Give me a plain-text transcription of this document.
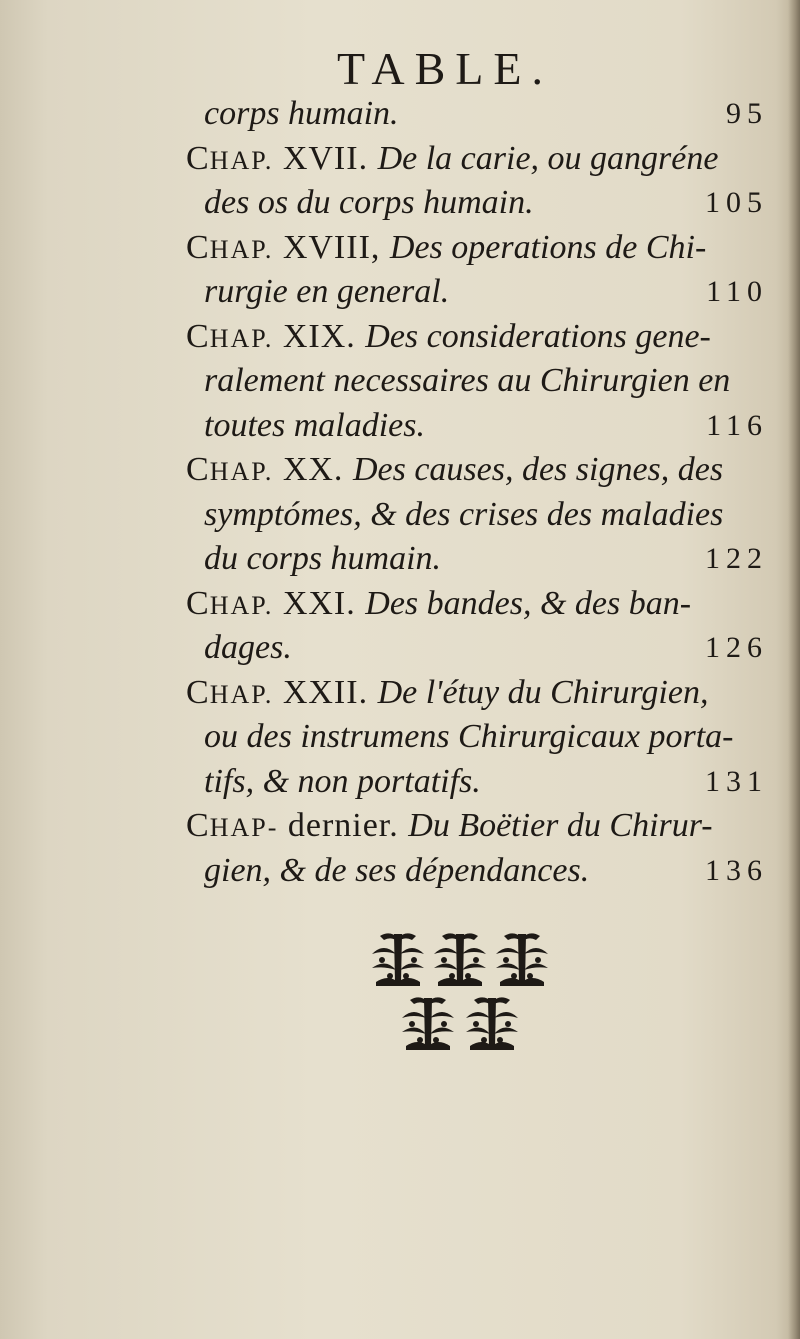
TABLE.
corps humain.	95
CHAP. XVII. De la carie, ou gangréne
des os du corps humain.	105
CHAP. XVIII, Des operations de Chi-
rurgie en general.	110
CHAP. XIX. Des considerations gene-
ralement necessaires au Chirurgien en
toutes maladies.	116
CHAP. XX. Des causes, des signes, des
symptómes, & des crises des maladies
du corps humain.	122
CHAP. XXI. Des bandes, & des ban-
dages.	126
CHAP. XXII. De l'étuy du Chirurgien,
ou des instrumens Chirurgicaux porta-
tifs, & non portatifs.	131
CHAP- dernier. Du Boëtier du Chirur-
gien, & de ses dépendances.	136
